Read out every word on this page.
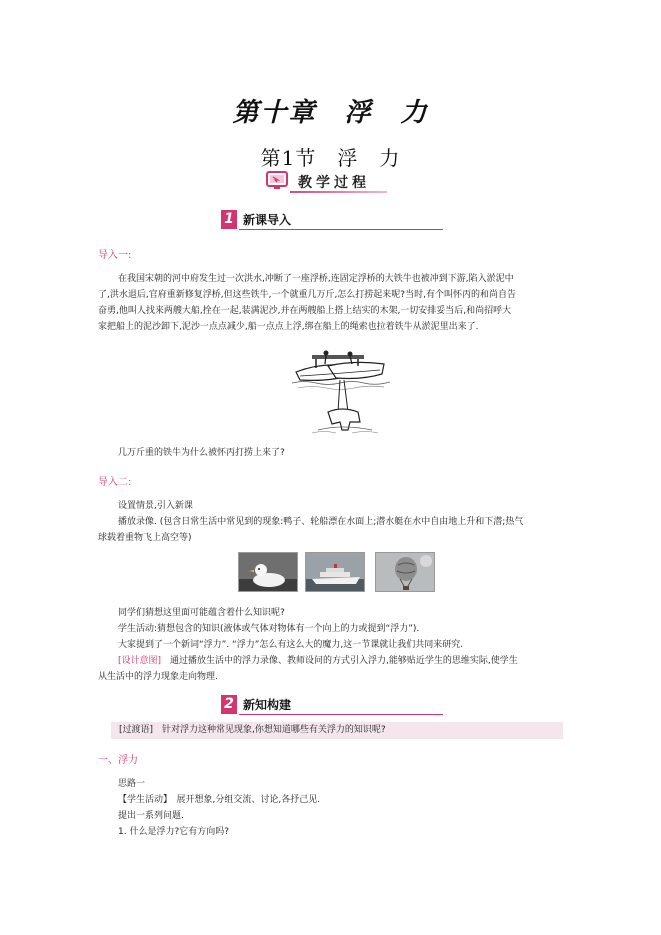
第十章　浮　力
第1节　浮　力
教学过程
1 新课导入
导入一:
在我国宋朝的河中府发生过一次洪水,冲断了一座浮桥,连固定浮桥的大铁牛也被冲到下游,陷入淤泥中
了,洪水退后,官府重新修复浮桥,但这些铁牛,一个就重几万斤,怎么打捞起来呢?当时,有个叫怀丙的和尚自告
奋勇,他叫人找来两艘大船,拴在一起,装满泥沙,并在两艘船上搭上结实的木架,一切安排妥当后,和尚招呼大
家把船上的泥沙卸下,泥沙一点点减少,船一点点上浮,绑在船上的绳索也拉着铁牛从淤泥里出来了.
几万斤重的铁牛为什么被怀丙打捞上来了?
导入二:
设置情景,引入新课
播放录像. (包含日常生活中常见到的现象:鸭子、轮船漂在水面上;潜水艇在水中自由地上升和下潜;热气
球载着重物飞上高空等)
同学们猜想这里面可能蕴含着什么知识呢?
学生活动:猜想包含的知识(液体或气体对物体有一个向上的力或提到“浮力”).
大家提到了一个新词“浮力”. “浮力”怎么有这么大的魔力,这一节课就让我们共同来研究.
[设计意图]　通过播放生活中的浮力录像、教师设问的方式引入浮力,能够贴近学生的思维实际,使学生
从生活中的浮力现象走向物理.
2 新知构建
[过渡语]　针对浮力这种常见现象,你想知道哪些有关浮力的知识呢?
一、浮力
思路一
【学生活动】　展开想象,分组交流、讨论,各抒己见.
提出一系列问题.
1. 什么是浮力?它有方向吗?
